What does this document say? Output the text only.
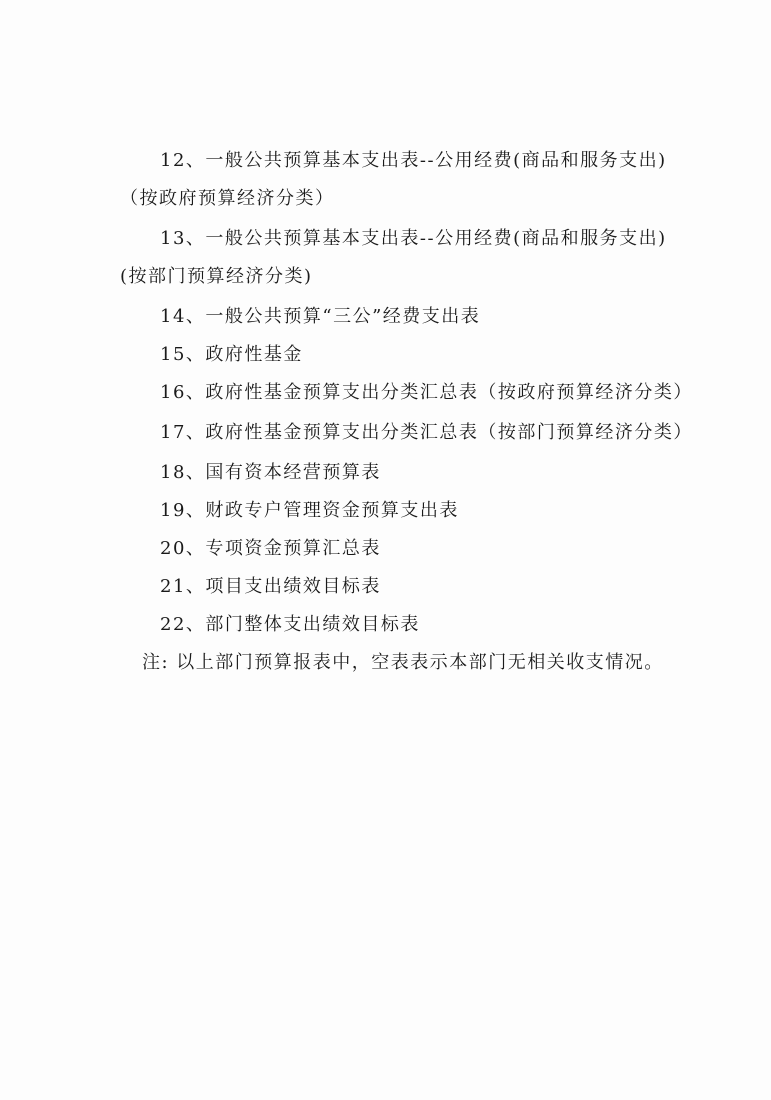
12、一般公共预算基本支出表--公用经费(商品和服务支出)（按政府预算经济分类）

13、一般公共预算基本支出表--公用经费(商品和服务支出)(按部门预算经济分类)

14、一般公共预算“三公”经费支出表

15、政府性基金

16、政府性基金预算支出分类汇总表（按政府预算经济分类）

17、政府性基金预算支出分类汇总表（按部门预算经济分类）

18、国有资本经营预算表

19、财政专户管理资金预算支出表

20、专项资金预算汇总表

21、项目支出绩效目标表

22、部门整体支出绩效目标表

注: 以上部门预算报表中，空表表示本部门无相关收支情况。
